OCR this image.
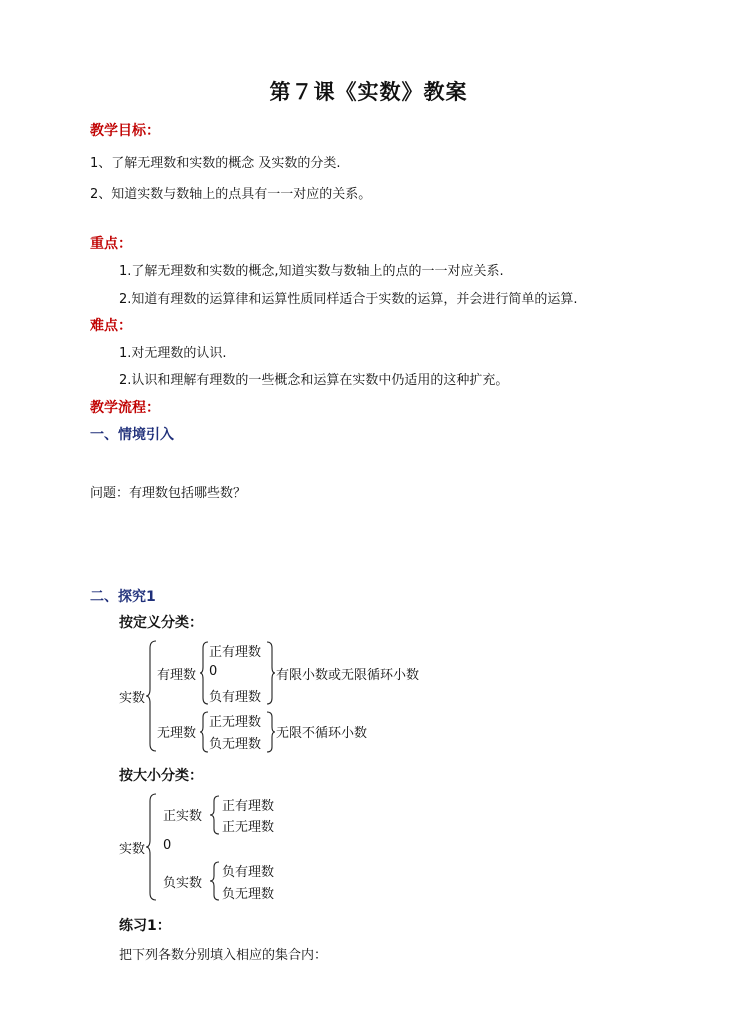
第７课《实数》教案
教学目标：
1、了解无理数和实数的概念 及实数的分类.
2、知道实数与数轴上的点具有一一对应的关系。
重点：
1.了解无理数和实数的概念,知道实数与数轴上的点的一一对应关系.
2.知道有理数的运算律和运算性质同样适合于实数的运算，并会进行简单的运算.
难点：
1.对无理数的认识.
2.认识和理解有理数的一些概念和运算在实数中仍适用的这种扩充。
教学流程：
一、情境引入
问题：有理数包括哪些数？
二、探究1
按定义分类：
实数
有理数
正有理数
0
负有理数
有限小数或无限循环小数
无理数
正无理数
负无理数
无限不循环小数
按大小分类：
实数
正实数
正有理数
正无理数
0
负实数
负有理数
负无理数
练习1：
把下列各数分别填入相应的集合内：
